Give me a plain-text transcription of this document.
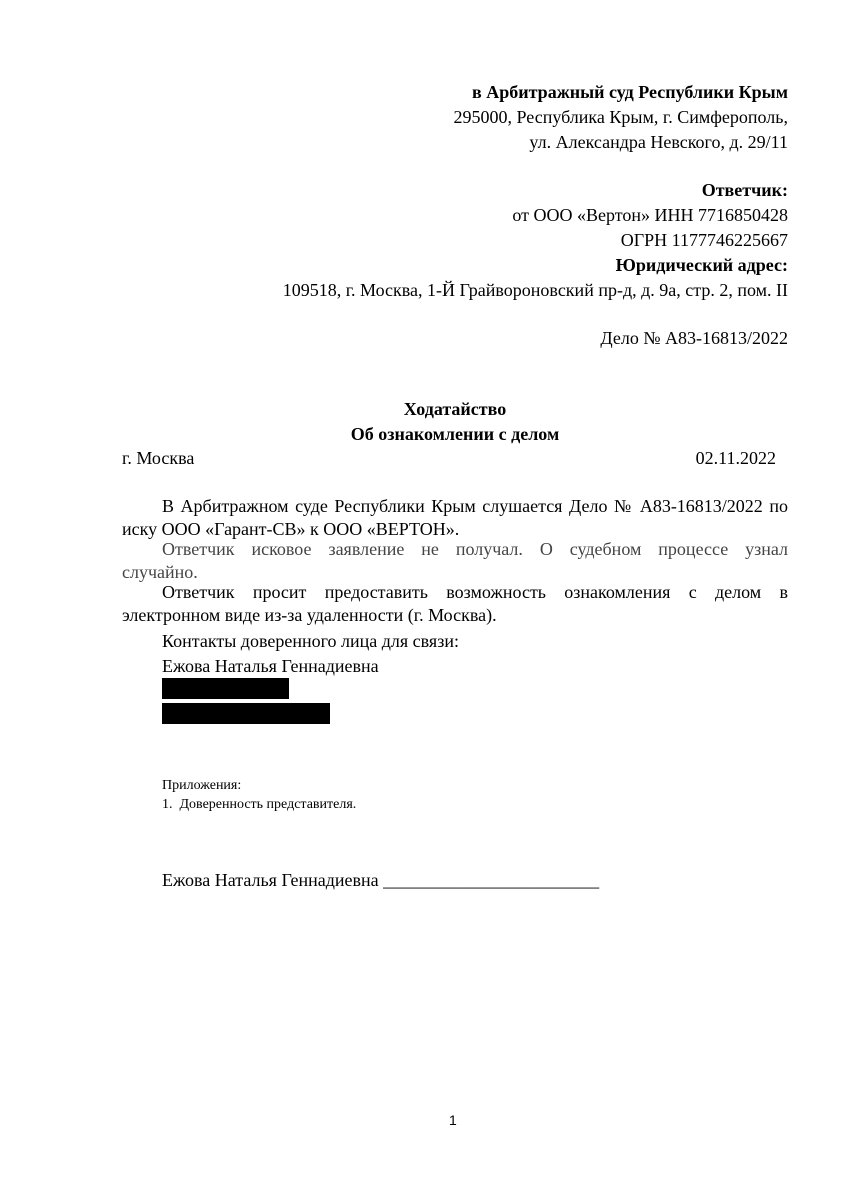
в Арбитражный суд Республики Крым
295000, Республика Крым, г. Симферополь,
ул. Александра Невского, д. 29/11
Ответчик:
от ООО «Вертон» ИНН 7716850428
ОГРН 1177746225667
Юридический адрес:
109518, г. Москва, 1-Й Грайвороновский пр-д, д. 9а, стр. 2, пом. II
Дело № А83-16813/2022
Ходатайство
Об ознакомлении с делом
г. Москва	02.11.2022
В Арбитражном суде Республики Крым слушается Дело № А83-16813/2022 по
иску ООО «Гарант-СВ» к ООО «ВЕРТОН».
Ответчик исковое заявление не получал. О судебном процессе узнал
случайно.
Ответчик просит предоставить возможность ознакомления с делом в
электронном виде из-за удаленности (г. Москва).
Контакты доверенного лица для связи:
Ежова Наталья Геннадиевна
Приложения:
1.  Доверенность представителя.
Ежова Наталья Геннадиевна ________________________
1
